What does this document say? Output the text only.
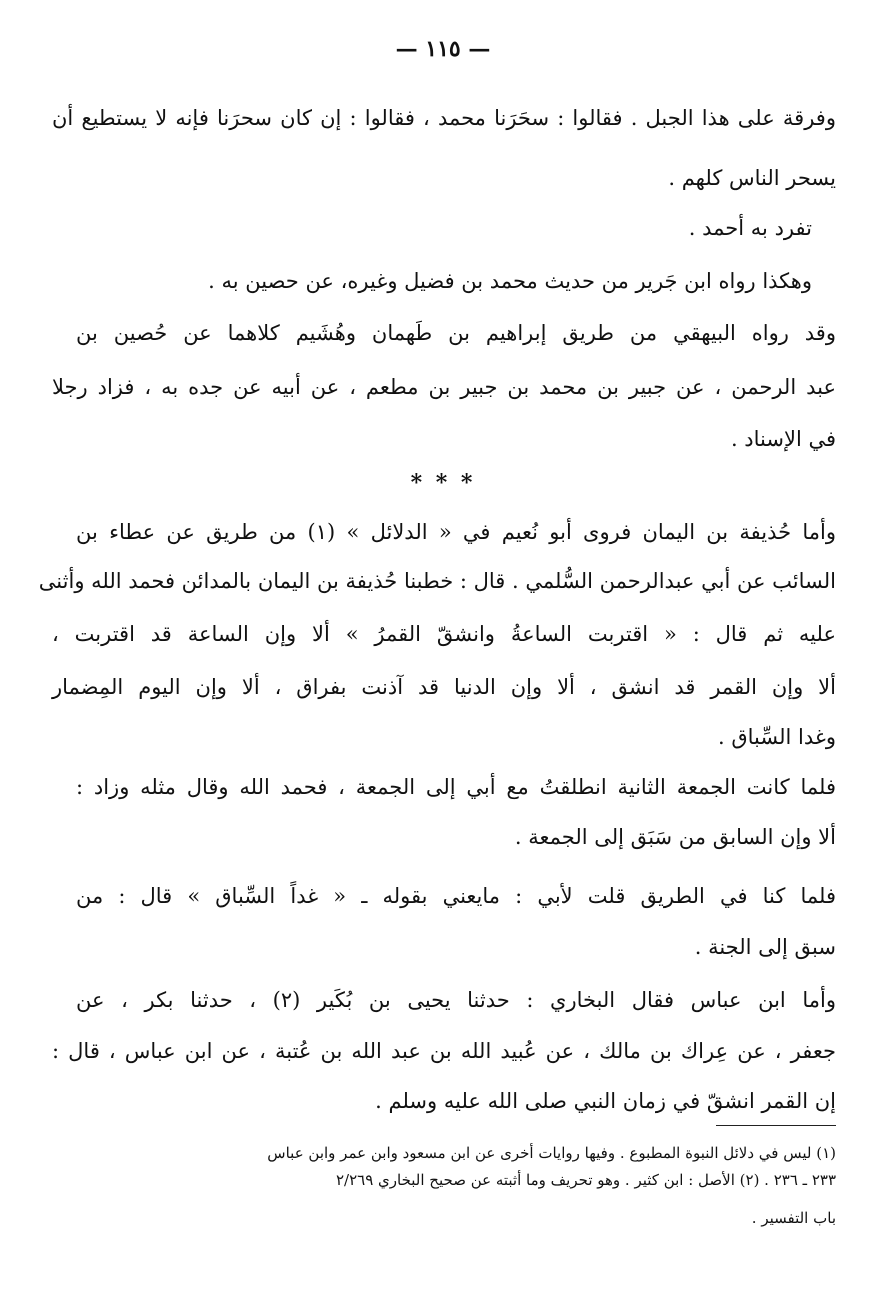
— ١١٥ —
وفرقة على هذا الجبل . فقالوا : سحَرَنا محمد ، فقالوا : إن كان سحرَنا فإنه لا يستطيع أن
يسحر الناس كلهم .
تفرد به أحمد .
وهكذا رواه ابن جَرير من حديث محمد بن فضيل وغيره، عن حصين به .
وقد رواه البيهقي من طريق إبراهيم بن طَهمان وهُشَيم كلاهما عن حُصين بن
عبد الرحمن ، عن جبير بن محمد بن جبير بن مطعم ، عن أبيه عن جده به ، فزاد رجلا
في الإسناد .
* * *
وأما حُذيفة بن اليمان فروى أبو نُعيم في « الدلائل » (١) من طريق عن عطاء بن
السائب عن أبي عبدالرحمن السُّلمي . قال : خطبنا حُذيفة بن اليمان بالمدائن فحمد الله وأثنى
عليه ثم قال : « اقتربت الساعةُ وانشقّ القمرُ » ألا وإن الساعة قد اقتربت ،
ألا وإن القمر قد انشق ، ألا وإن الدنيا قد آذنت بفراق ، ألا وإن اليوم المِضمار
وغدا السِّباق .
فلما كانت الجمعة الثانية انطلقتُ مع أبي إلى الجمعة ، فحمد الله وقال مثله وزاد :
ألا وإن السابق من سَبَق إلى الجمعة .
فلما كنا في الطريق قلت لأبي : مايعني بقوله ـ « غداً السِّباق » قال : من
سبق إلى الجنة .
وأما ابن عباس فقال البخاري : حدثنا يحيى بن بُكَير (٢) ، حدثنا بكر ، عن
جعفر ، عن عِراك بن مالك ، عن عُبيد الله بن عبد الله بن عُتبة ، عن ابن عباس ، قال :
إن القمر انشقّ في زمان النبي صلى الله عليه وسلم .
(١) ليس في دلائل النبوة المطبوع . وفيها روايات أخرى عن ابن مسعود وابن عمر وابن عباس
٢٣٣ ـ ٢٣٦ . (٢) الأصل : ابن كثير . وهو تحريف وما أثبته عن صحيح البخاري ٢/٢٦٩
باب التفسير .
